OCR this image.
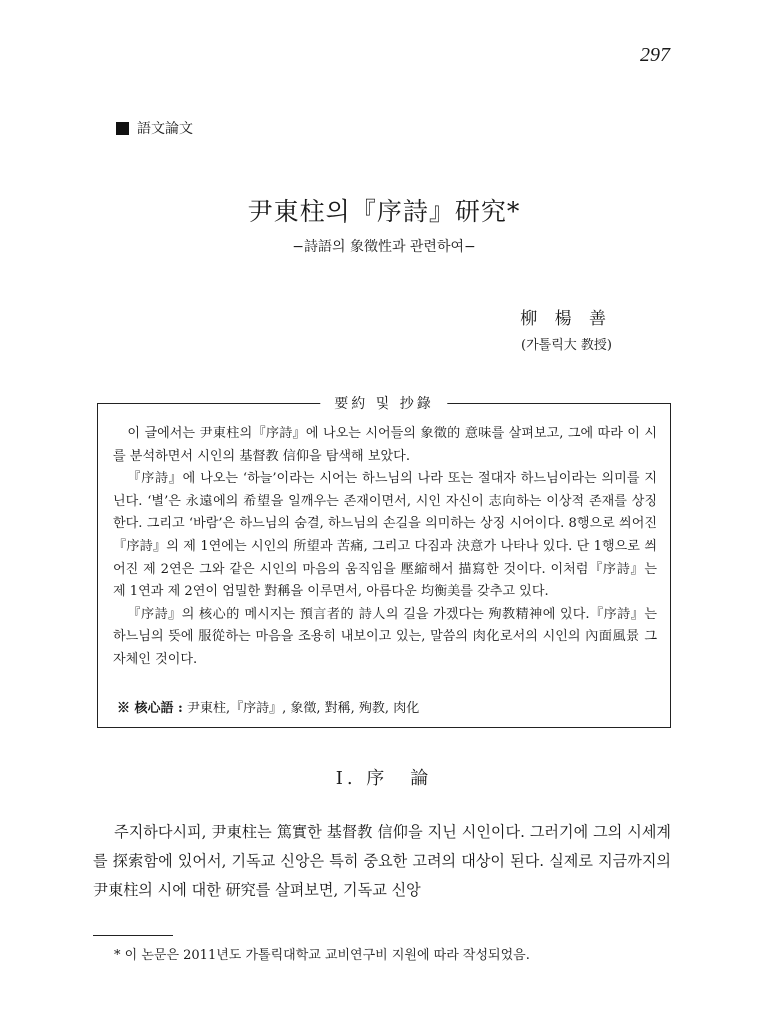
297
語文論文
尹東柱의『序詩』研究*
−詩語의 象徵性과 관련하여−
柳 楊 善
(가톨릭大 教授)
要約 및 抄錄

이 글에서는 尹東柱의『序詩』에 나오는 시어들의 象徵的 意味를 살펴보고, 그에 따라 이 시를 분석하면서 시인의 基督教 信仰을 탐색해 보았다.

『序詩』에 나오는 ‘하늘’이라는 시어는 하느님의 나라 또는 절대자 하느님이라는 의미를 지닌다. ‘별’은 永遠에의 希望을 일깨우는 존재이면서, 시인 자신이 志向하는 이상적 존재를 상징한다. 그리고 ‘바람’은 하느님의 숨결, 하느님의 손길을 의미하는 상징 시어이다. 8행으로 씌어진『序詩』의 제 1연에는 시인의 所望과 苦痛, 그리고 다짐과 決意가 나타나 있다. 단 1행으로 씌어진 제 2연은 그와 같은 시인의 마음의 움직임을 壓縮해서 描寫한 것이다. 이처럼『序詩』는 제 1연과 제 2연이 엄밀한 對稱을 이루면서, 아름다운 均衡美를 갖추고 있다.

『序詩』의 核心的 메시지는 預言者的 詩人의 길을 가겠다는 殉教精神에 있다.『序詩』는 하느님의 뜻에 服從하는 마음을 조용히 내보이고 있는, 말씀의 肉化로서의 시인의 內面風景 그 자체인 것이다.

※ 核心語 : 尹東柱,『序詩』, 象徵, 對稱, 殉教, 肉化
I. 序　論

주지하다시피, 尹東柱는 篤實한 基督教 信仰을 지닌 시인이다. 그러기에 그의 시세계를 探索함에 있어서, 기독교 신앙은 특히 중요한 고려의 대상이 된다. 실제로 지금까지의 尹東柱의 시에 대한 研究를 살펴보면, 기독교 신앙

* 이 논문은 2011년도 가톨릭대학교 교비연구비 지원에 따라 작성되었음.
